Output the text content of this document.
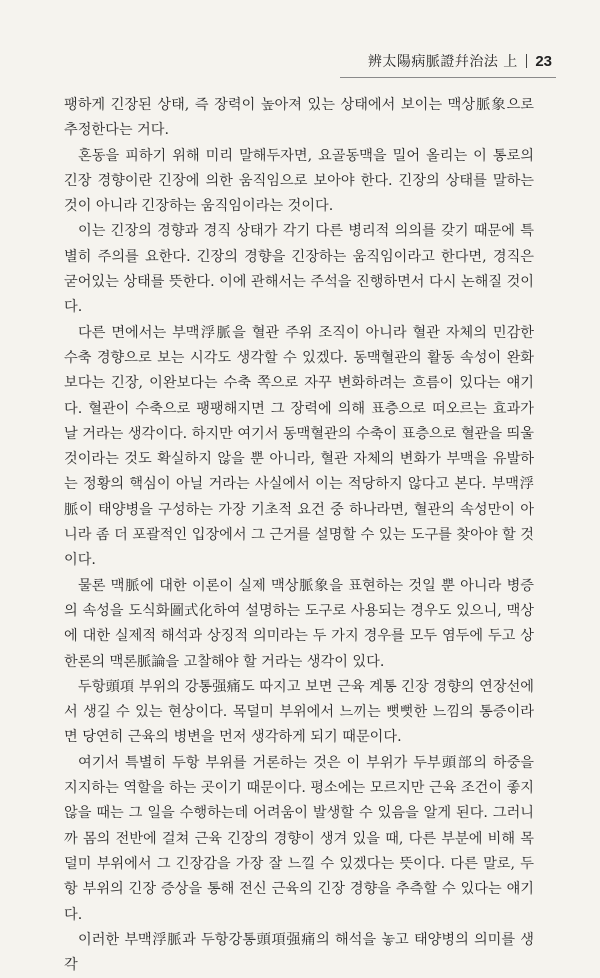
辨太陽病脈證幷治法 上 23

팽하게 긴장된 상태, 즉 장력이 높아져 있는 상태에서 보이는 맥상脈象으로 추정한다는 거다.

혼동을 피하기 위해 미리 말해두자면, 요골동맥을 밀어 올리는 이 통로의 긴장 경향이란 긴장에 의한 움직임으로 보아야 한다. 긴장의 상태를 말하는 것이 아니라 긴장하는 움직임이라는 것이다.

이는 긴장의 경향과 경직 상태가 각기 다른 병리적 의의를 갖기 때문에 특별히 주의를 요한다. 긴장의 경향을 긴장하는 움직임이라고 한다면, 경직은 굳어있는 상태를 뜻한다. 이에 관해서는 주석을 진행하면서 다시 논해질 것이다.

다른 면에서는 부맥浮脈을 혈관 주위 조직이 아니라 혈관 자체의 민감한 수축 경향으로 보는 시각도 생각할 수 있겠다. 동맥혈관의 활동 속성이 완화보다는 긴장, 이완보다는 수축 쪽으로 자꾸 변화하려는 흐름이 있다는 얘기다. 혈관이 수축으로 팽팽해지면 그 장력에 의해 표층으로 떠오르는 효과가 날 거라는 생각이다. 하지만 여기서 동맥혈관의 수축이 표층으로 혈관을 띄울 것이라는 것도 확실하지 않을 뿐 아니라, 혈관 자체의 변화가 부맥을 유발하는 정황의 핵심이 아닐 거라는 사실에서 이는 적당하지 않다고 본다. 부맥浮脈이 태양병을 구성하는 가장 기초적 요건 중 하나라면, 혈관의 속성만이 아니라 좀 더 포괄적인 입장에서 그 근거를 설명할 수 있는 도구를 찾아야 할 것이다.

물론 맥脈에 대한 이론이 실제 맥상脈象을 표현하는 것일 뿐 아니라 병증의 속성을 도식화圖式化하여 설명하는 도구로 사용되는 경우도 있으니, 맥상에 대한 실제적 해석과 상징적 의미라는 두 가지 경우를 모두 염두에 두고 상한론의 맥론脈論을 고찰해야 할 거라는 생각이 있다.

두항頭項 부위의 강통强痛도 따지고 보면 근육 계통 긴장 경향의 연장선에서 생길 수 있는 현상이다. 목덜미 부위에서 느끼는 뻣뻣한 느낌의 통증이라면 당연히 근육의 병변을 먼저 생각하게 되기 때문이다.

여기서 특별히 두항 부위를 거론하는 것은 이 부위가 두부頭部의 하중을 지지하는 역할을 하는 곳이기 때문이다. 평소에는 모르지만 근육 조건이 좋지 않을 때는 그 일을 수행하는데 어려움이 발생할 수 있음을 알게 된다. 그러니까 몸의 전반에 걸쳐 근육 긴장의 경향이 생겨 있을 때, 다른 부분에 비해 목덜미 부위에서 그 긴장감을 가장 잘 느낄 수 있겠다는 뜻이다. 다른 말로, 두항 부위의 긴장 증상을 통해 전신 근육의 긴장 경향을 추측할 수 있다는 얘기다.

이러한 부맥浮脈과 두항강통頭項强痛의 해석을 놓고 태양병의 의미를 생각
